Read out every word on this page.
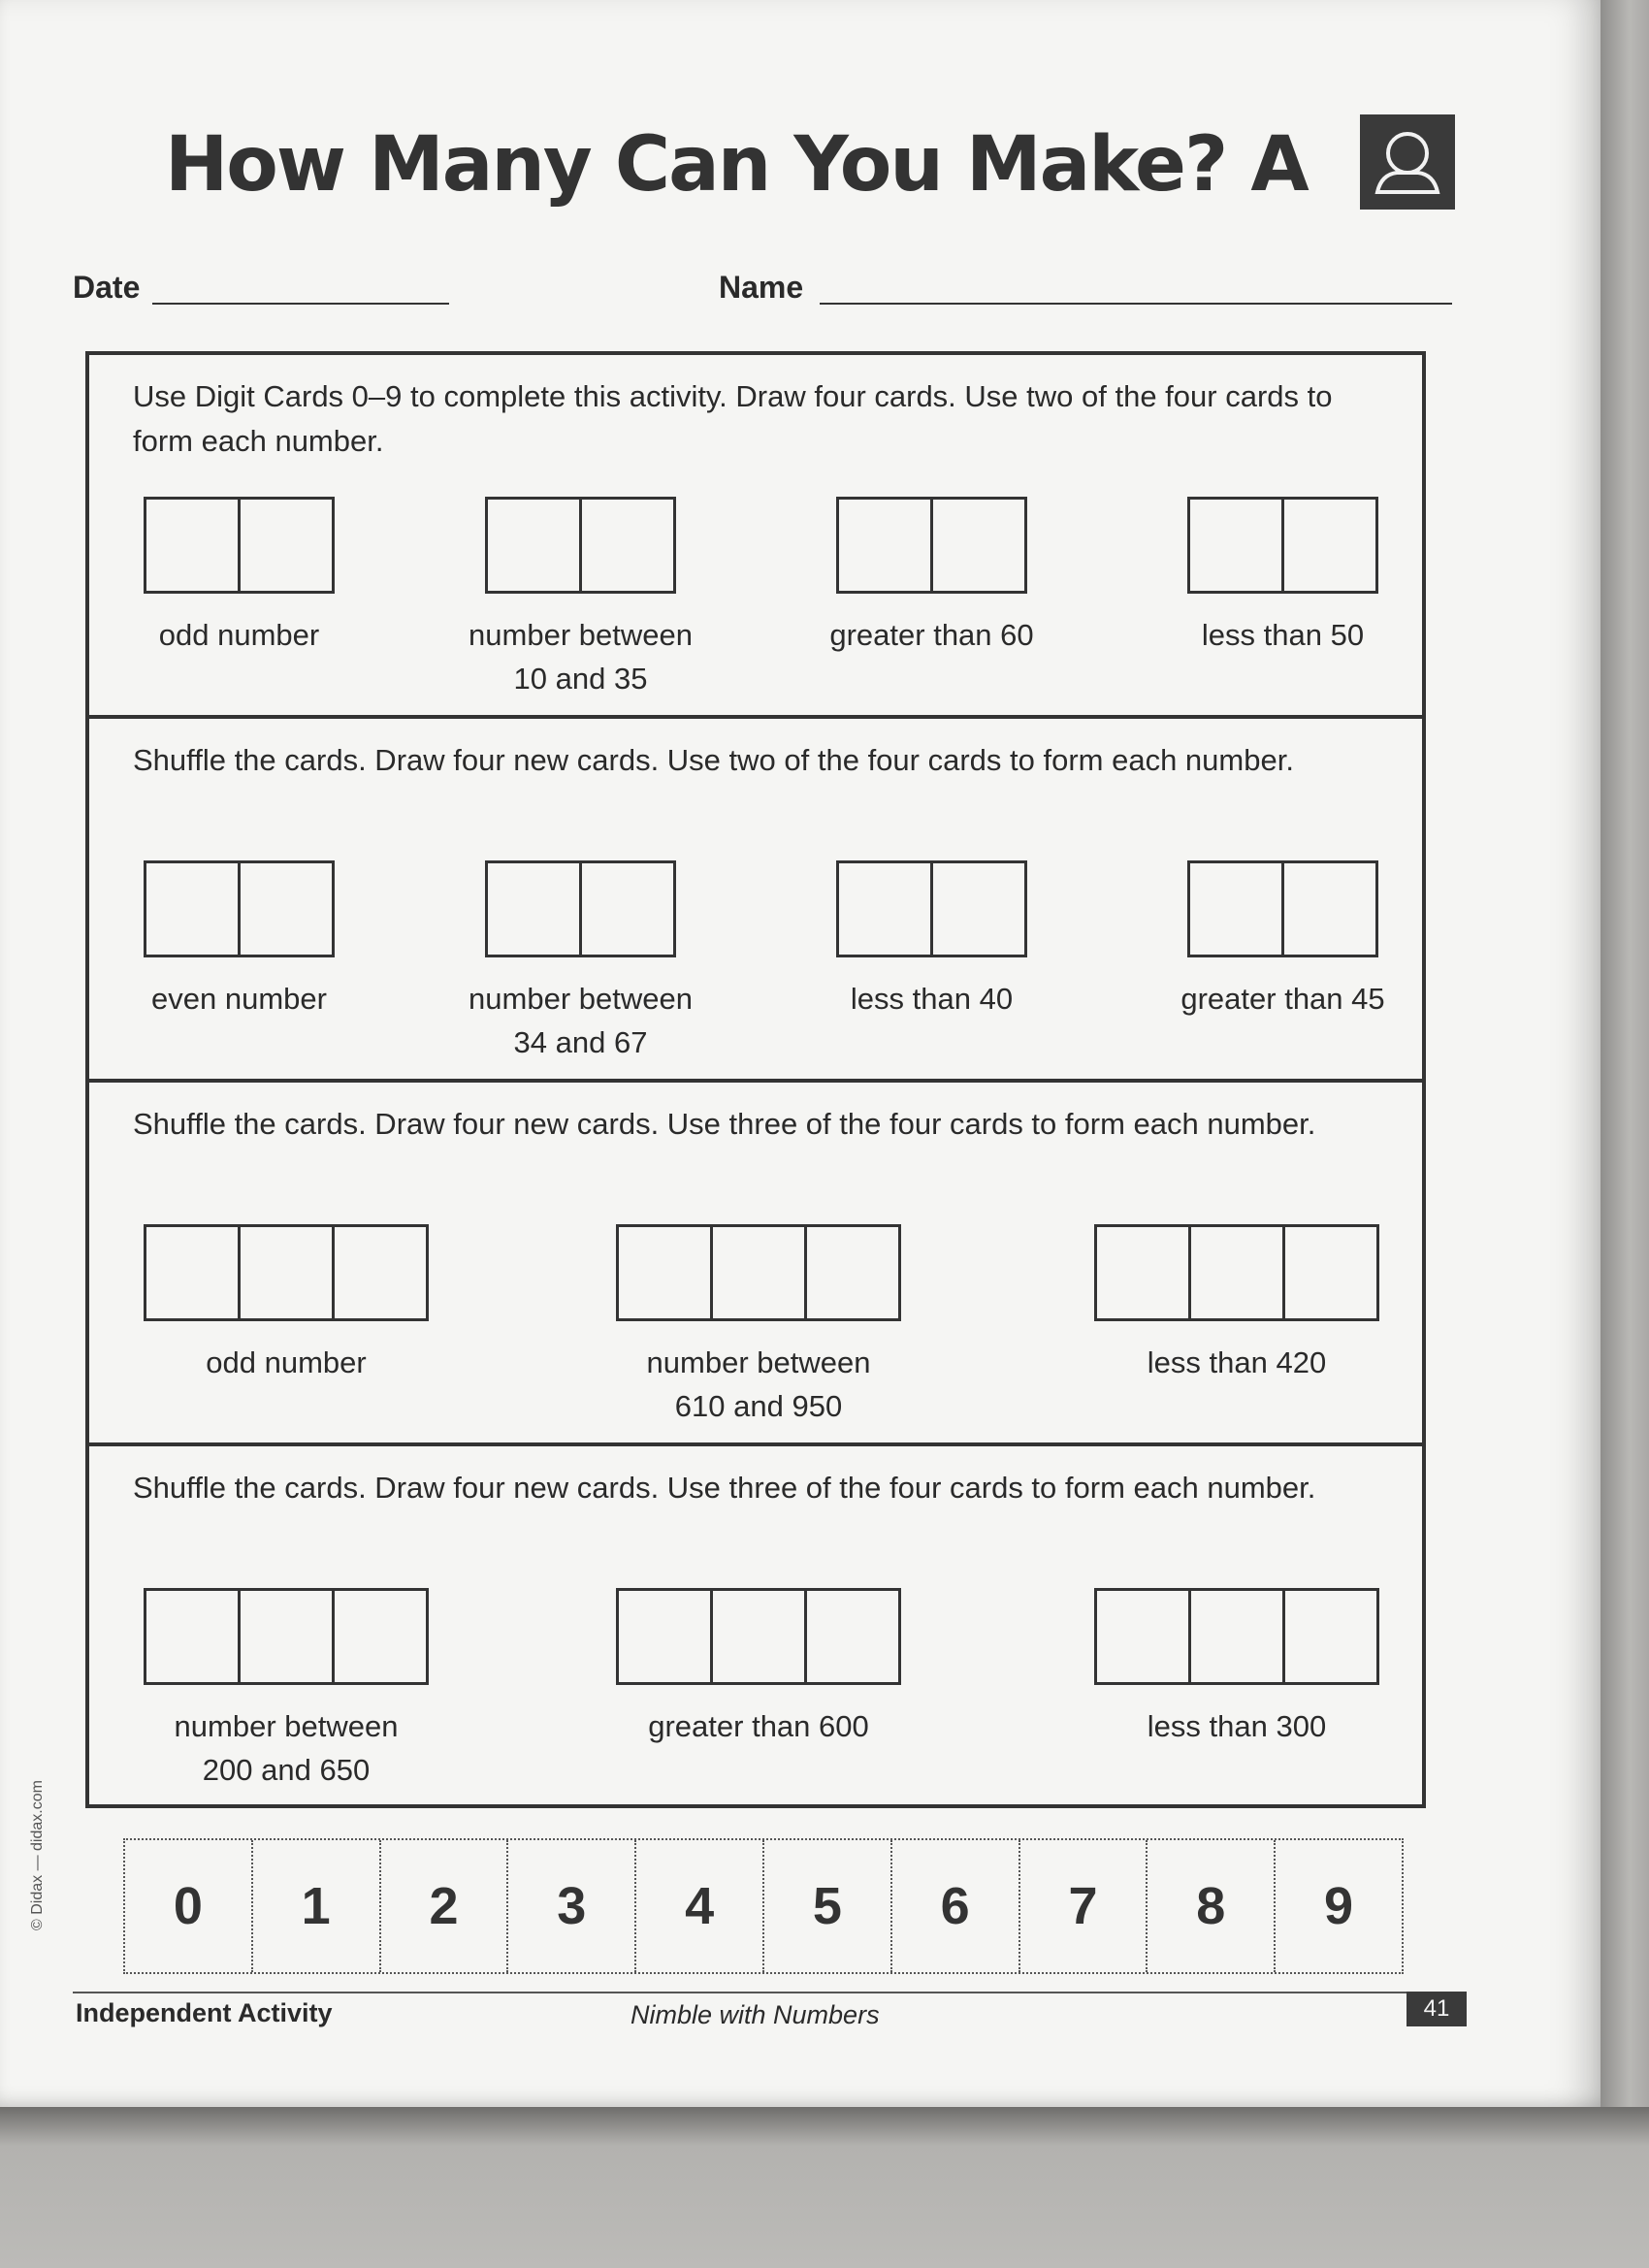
How Many Can You Make? A
Date	Name

Use Digit Cards 0–9 to complete this activity. Draw four cards. Use two of the four cards to form each number.

odd number	number between
10 and 35
greater than 60	less than 50

Shuffle the cards. Draw four new cards. Use two of the four cards to form each number.

even number	number between
34 and 67
less than 40	greater than 45

Shuffle the cards. Draw four new cards. Use three of the four cards to form each number.

odd number	number between
610 and 950
less than 420

Shuffle the cards. Draw four new cards. Use three of the four cards to form each number.

number between
200 and 650
greater than 600	less than 300
0	1	2	3	4	5	6	7	8	9
© Didax — didax.com
Independent Activity	Nimble with Numbers	41
